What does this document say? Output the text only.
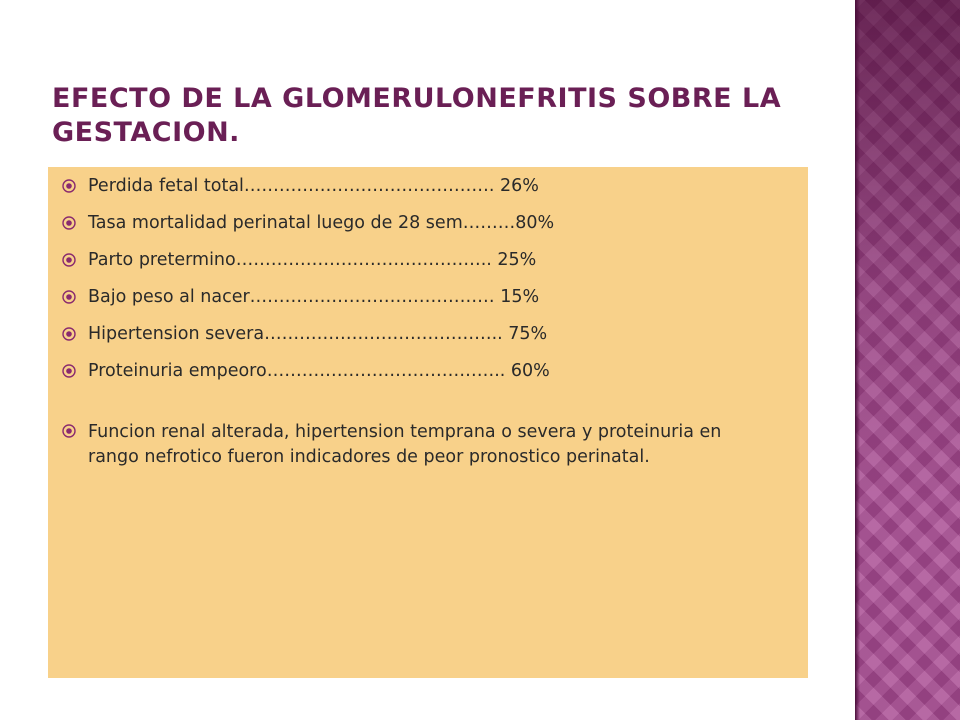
EFECTO DE LA GLOMERULONEFRITIS SOBRE LA GESTACION.
Perdida fetal total……………………………………. 26%
Tasa mortalidad perinatal luego de 28 sem………80%
Parto pretermino…………………………………….. 25%
Bajo peso al nacer…………………………………… 15%
Hipertension severa………………………………….. 75%
Proteinuria empeoro………………………………….. 60%
Funcion renal alterada, hipertension temprana o severa y proteinuria en rango nefrotico fueron indicadores de peor pronostico perinatal.
